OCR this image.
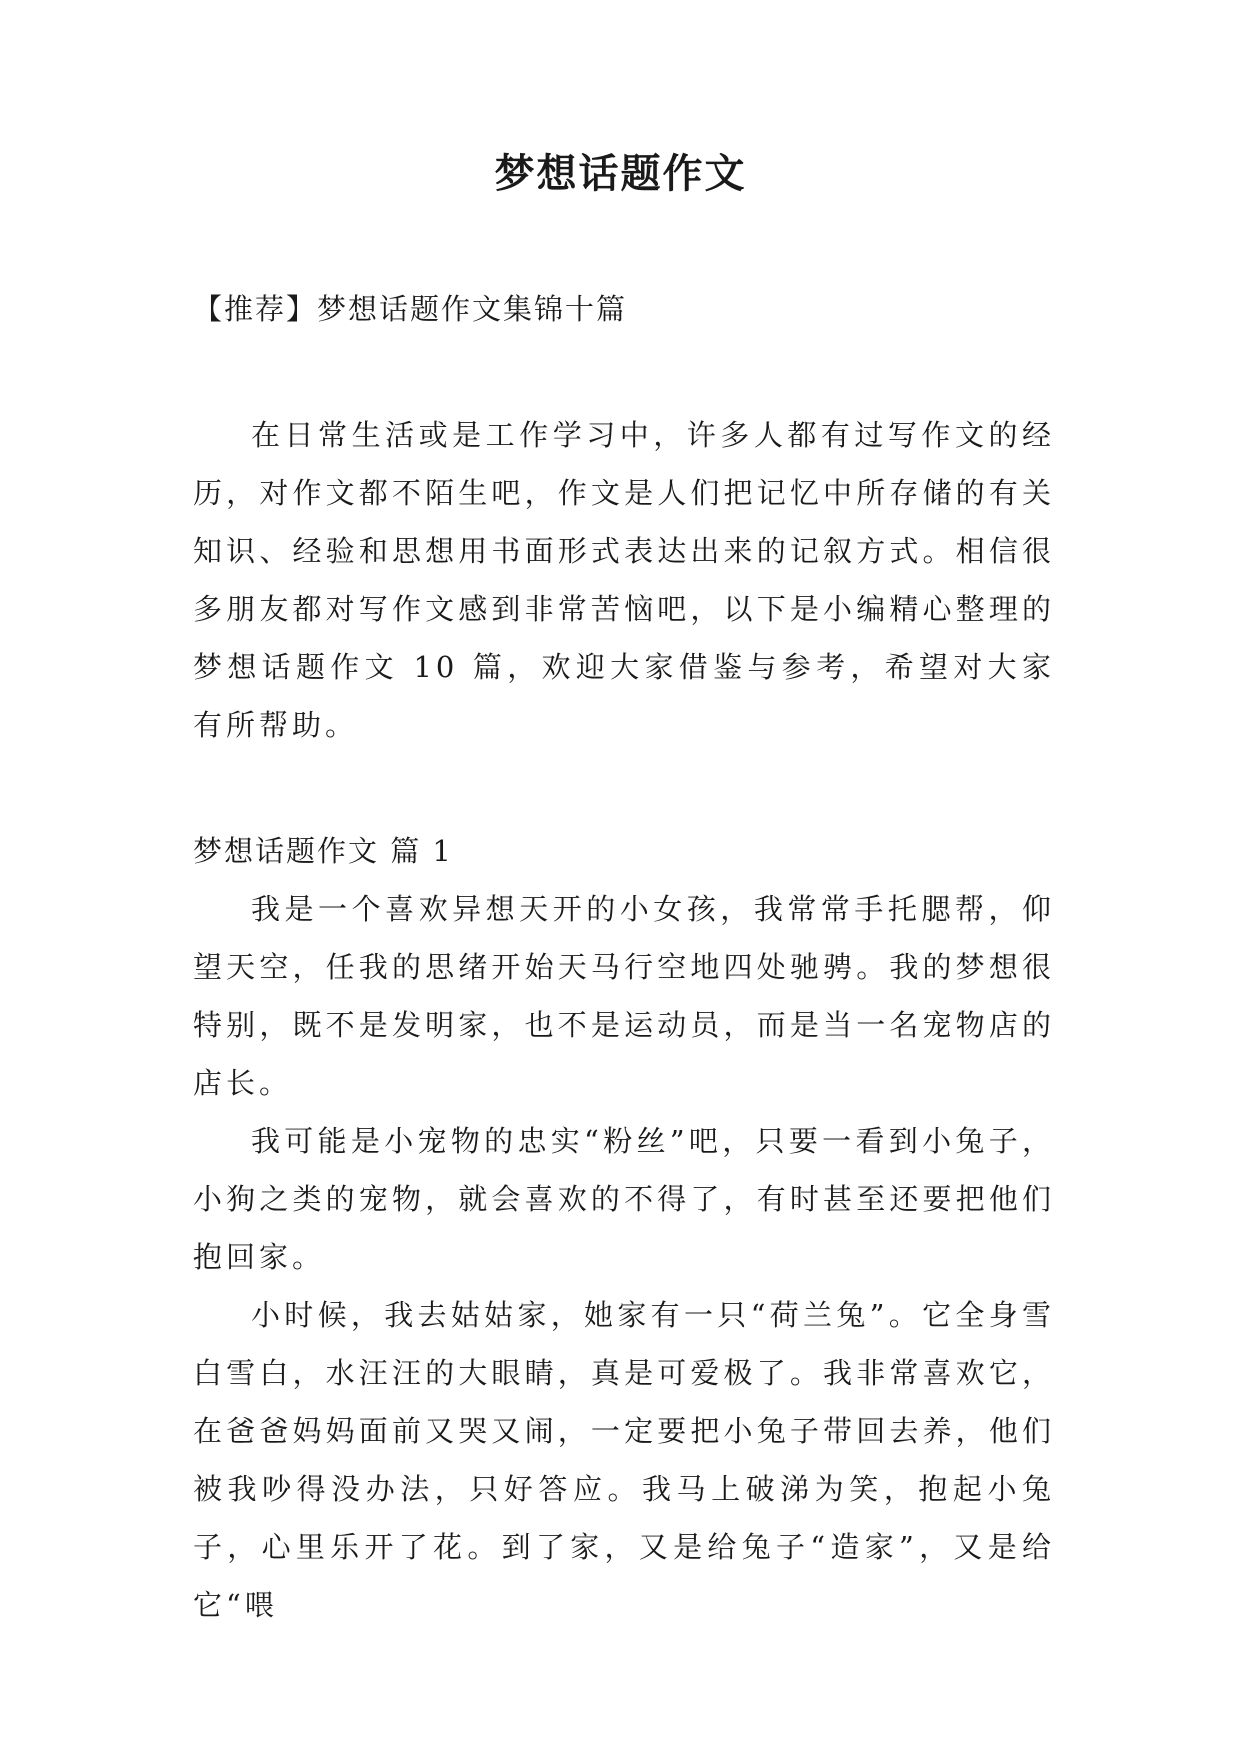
梦想话题作文

【推荐】梦想话题作文集锦十篇

在日常生活或是工作学习中，许多人都有过写作文的经历，对作文都不陌生吧，作文是人们把记忆中所存储的有关知识、经验和思想用书面形式表达出来的记叙方式。相信很多朋友都对写作文感到非常苦恼吧，以下是小编精心整理的梦想话题作文 10 篇，欢迎大家借鉴与参考，希望对大家有所帮助。

梦想话题作文 篇 1

我是一个喜欢异想天开的小女孩，我常常手托腮帮，仰望天空，任我的思绪开始天马行空地四处驰骋。我的梦想很特别，既不是发明家，也不是运动员，而是当一名宠物店的店长。

我可能是小宠物的忠实“粉丝”吧，只要一看到小兔子，小狗之类的宠物，就会喜欢的不得了，有时甚至还要把他们抱回家。

小时候，我去姑姑家，她家有一只“荷兰兔”。它全身雪白雪白，水汪汪的大眼睛，真是可爱极了。我非常喜欢它，在爸爸妈妈面前又哭又闹，一定要把小兔子带回去养，他们被我吵得没办法，只好答应。我马上破涕为笑，抱起小兔子，心里乐开了花。到了家，又是给兔子“造家”，又是给它“喂
